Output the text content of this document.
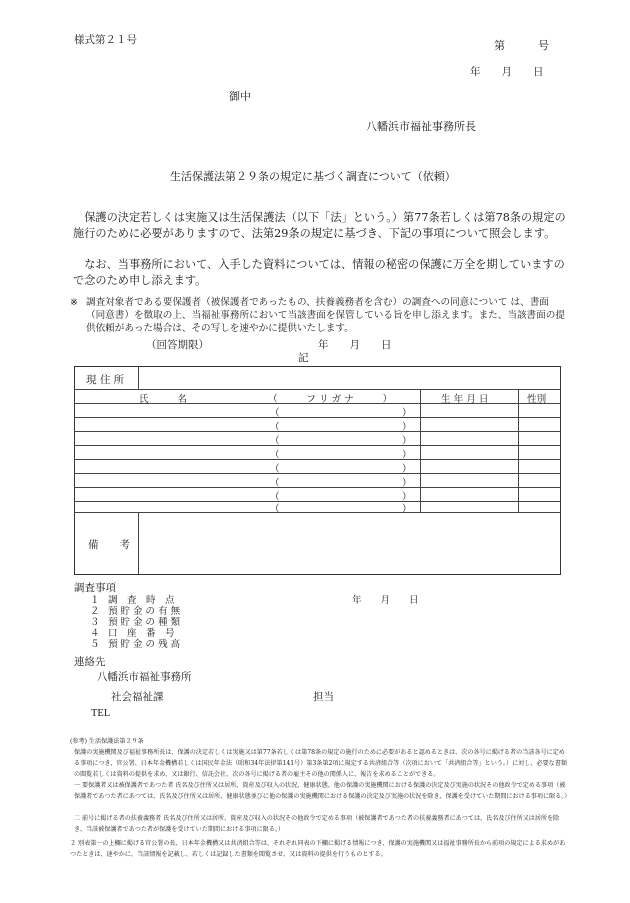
様式第２１号	第　　　号
年　　月　　日
御中
八幡浜市福祉事務所長
生活保護法第２９条の規定に基づく調査について（依頼）
保護の決定若しくは実施又は生活保護法（以下「法」という。）第77条若しくは第78条の規定の施行のために必要がありますので、法第29条の規定に基づき、下記の事項について照会します。
なお、当事務所において、入手した資料については、情報の秘密の保護に万全を期していますので念のため申し添えます。
※ 調査対象者である要保護者（被保護者であったもの、扶養義務者を含む）の調査への同意について は、書面（同意書）を徴取の上、当福祉事務所において当該書面を保管している旨を申し添えます。また、当該書面の提供依頼があった場合は、その写しを速やかに提供いたします。
（回答期限）	年　　月　　日
記
現 住 所
氏　　　名	（　　　フ リ ガ ナ　　　）	生 年 月 日	性別
（	）
（	）
（	）
（	）
（	）
（	）
（	）
（	）
備　　考
調査事項
１ 調　査　時　点	年　　月　　日
２ 預 貯 金 の 有 無
３ 預 貯 金 の 種 類
４ 口　座　番　号
５ 預 貯 金 の 残 高
連絡先
八幡浜市福祉事務所
社会福祉課	担当
TEL
(参考) 生活保護法第２９条
保護の実施機関及び福祉事務所長は、保護の決定若しくは実施又は第77条若しくは第78条の規定の施行のために必要があると認めるときは、次の各号に掲げる者の当該各号に定める事項につき、官公署、日本年金機構若しくは国民年金法（昭和34年法律第141号）第3条第2項に規定する共済組合等（次項において「共済組合等」という。）に対し、必要な書類の閲覧若しくは資料の提供を求め、又は銀行、信託会社、次の各号に掲げる者の雇主その他の関係人に、報告を求めることができる。
一 要保護者又は被保護者であつた者 氏名及び住所又は居所、資産及び収入の状況、健康状態、他の保護の実施機関における保護の決定及び実施の状況その他政令で定める事項（被保護者であつた者にあつては、氏名及び住所又は居所、健康状態並びに他の保護の実施機関における保護の決定及び実施の状況を除き、保護を受けていた期間における事項に限る。）
二 前号に掲げる者の扶養義務者 氏名及び住所又は居所、資産及び収入の状況その他政令で定める事項（被保護者であつた者の扶養義務者にあつては、氏名及び住所又は居所を除き、当該被保護者であつた者が保護を受けていた期間における事項に限る。）
２ 別表第一の上欄に掲げる官公署の長、日本年金機構又は共済組合等は、それぞれ同表の下欄に掲げる情報につき、保護の実施機関又は福祉事務所長から前項の規定による求めがあつたときは、速やかに、当該情報を記載し、若しくは記録した書類を閲覧させ、又は資料の提供を行うものとする。
